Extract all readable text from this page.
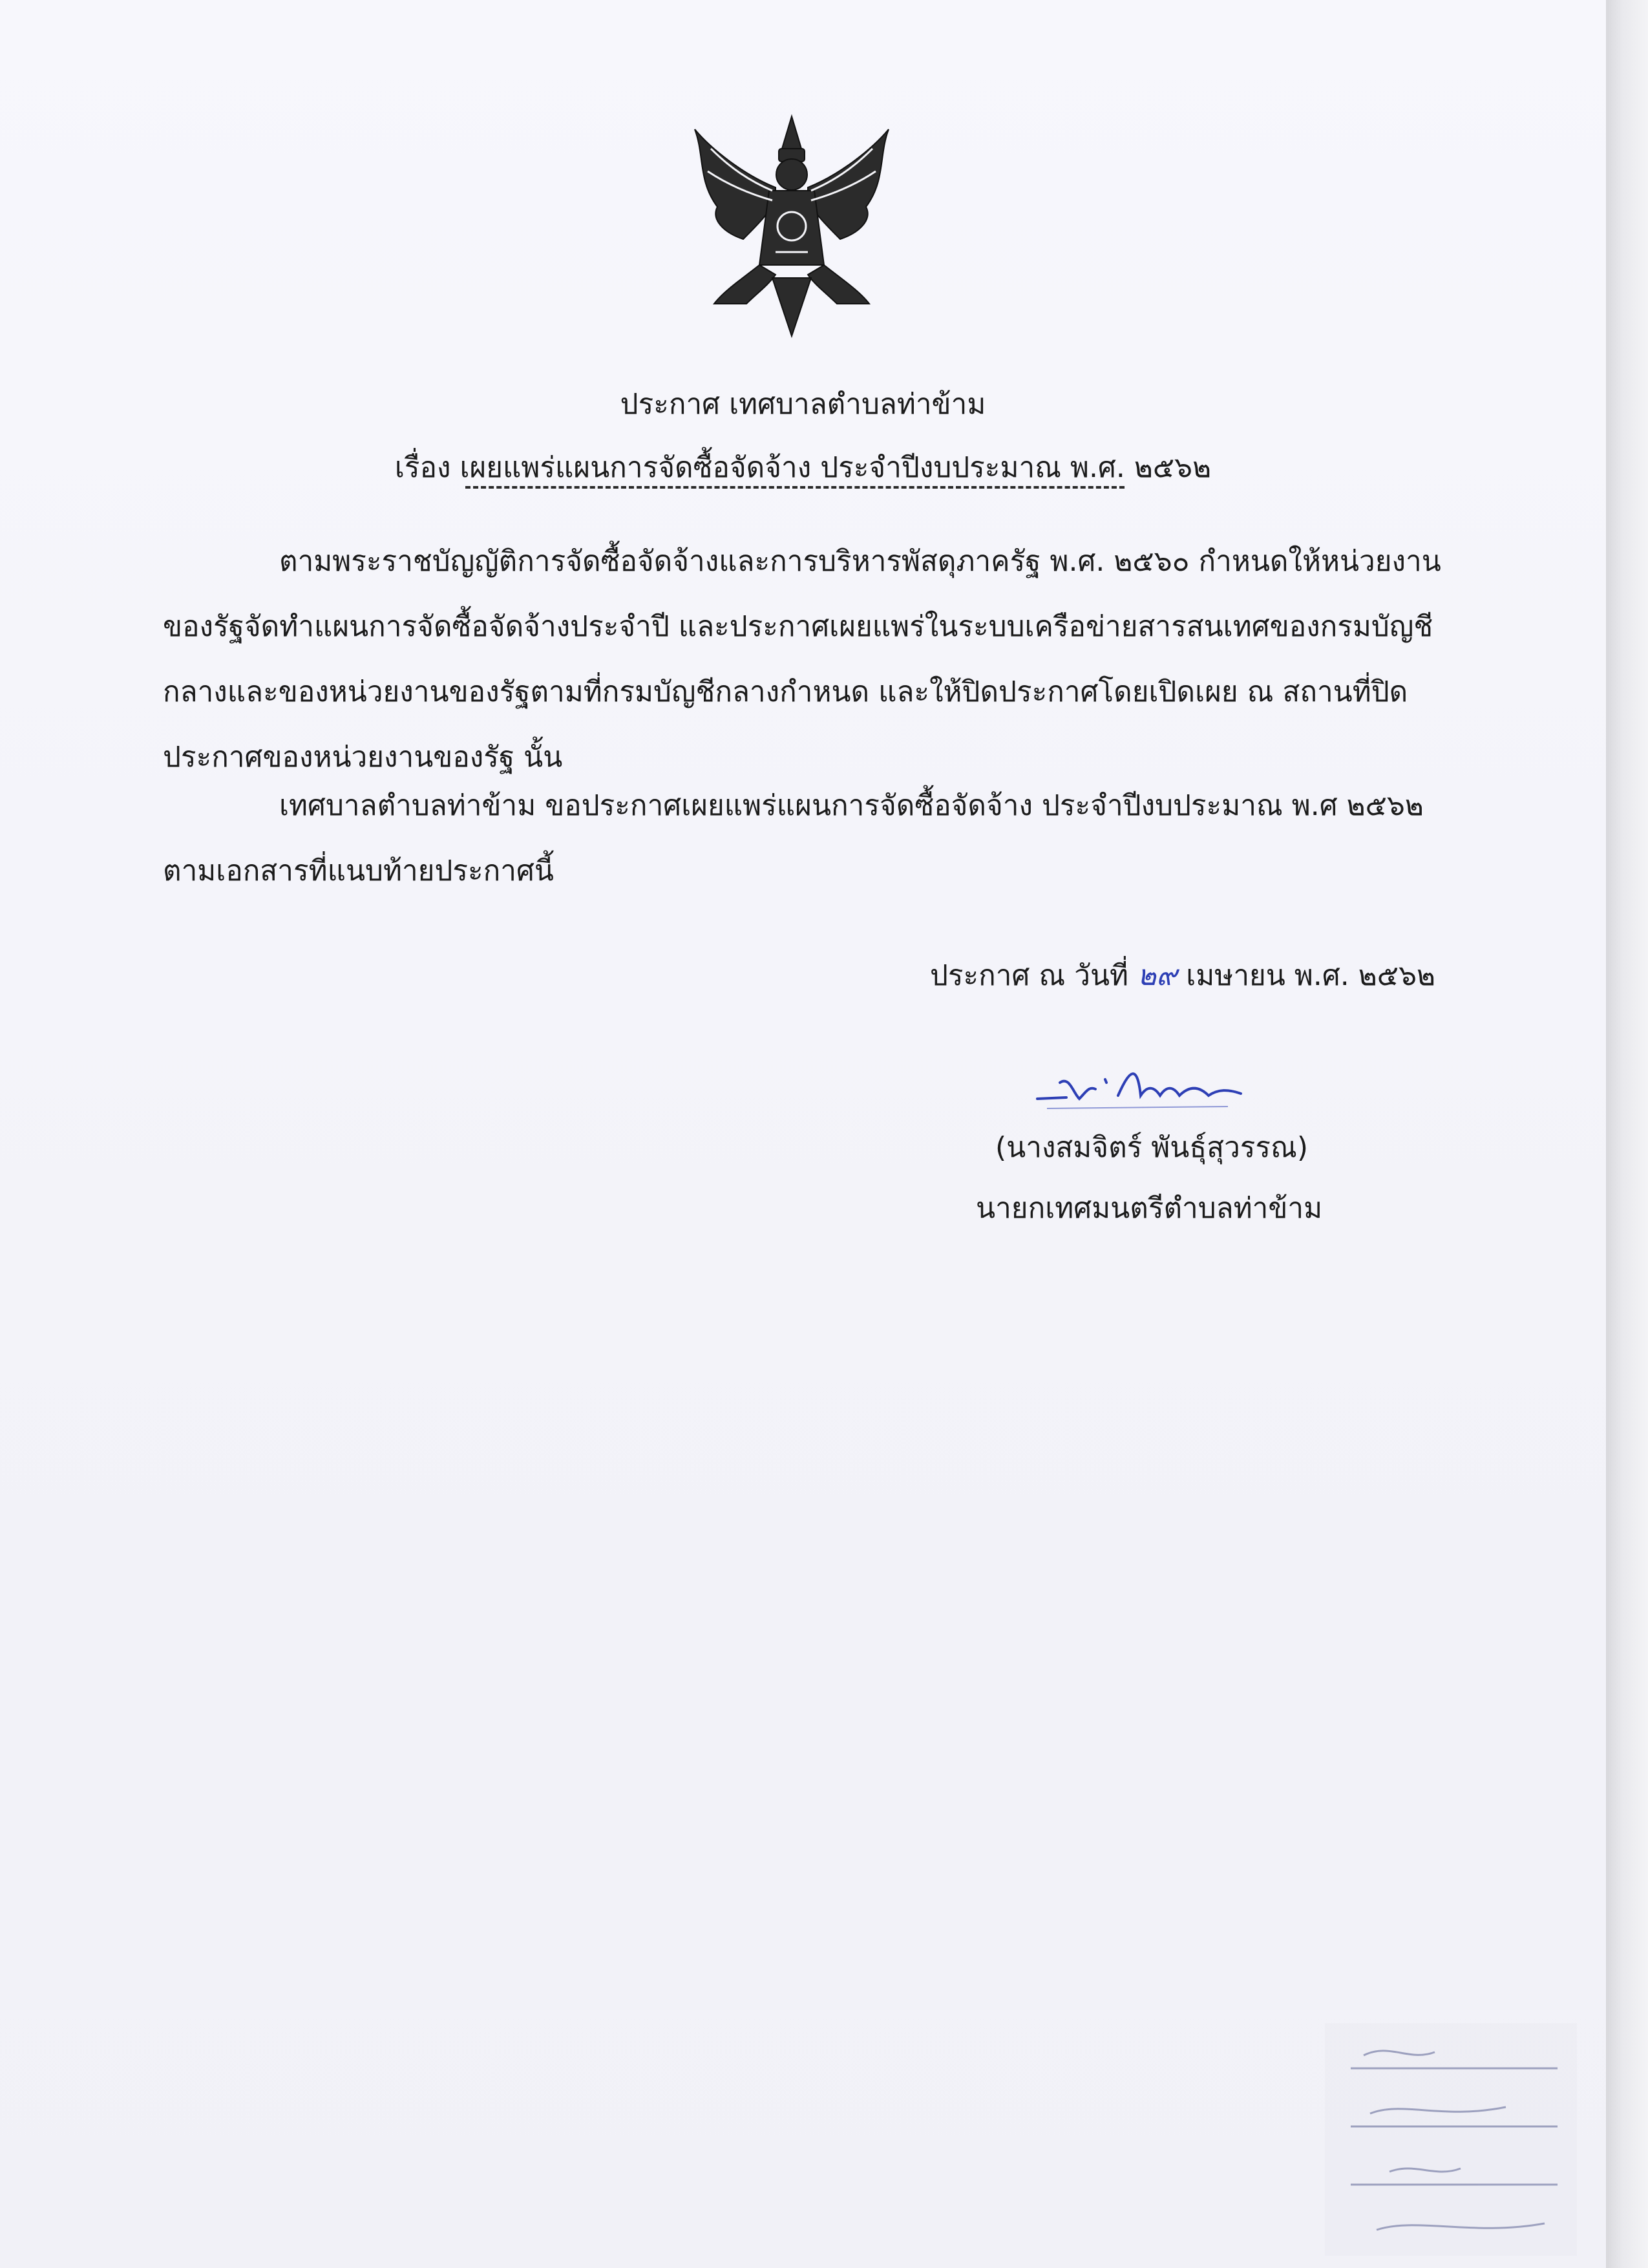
ประกาศ เทศบาลตำบลท่าข้าม
เรื่อง เผยแพร่แผนการจัดซื้อจัดจ้าง ประจำปีงบประมาณ พ.ศ. ๒๕๖๒
ตามพระราชบัญญัติการจัดซื้อจัดจ้างและการบริหารพัสดุภาครัฐ พ.ศ. ๒๕๖๐ กำหนดให้หน่วยงานของรัฐจัดทำแผนการจัดซื้อจัดจ้างประจำปี และประกาศเผยแพร่ในระบบเครือข่ายสารสนเทศของกรมบัญชีกลางและของหน่วยงานของรัฐตามที่กรมบัญชีกลางกำหนด และให้ปิดประกาศโดยเปิดเผย ณ สถานที่ปิดประกาศของหน่วยงานของรัฐ นั้น
เทศบาลตำบลท่าข้าม ขอประกาศเผยแพร่แผนการจัดซื้อจัดจ้าง ประจำปีงบประมาณ พ.ศ ๒๕๖๒ ตามเอกสารที่แนบท้ายประกาศนี้
ประกาศ ณ วันที่ ๒๙ เมษายน พ.ศ. ๒๕๖๒
(นางสมจิตร์ พันธุ์สุวรรณ)
นายกเทศมนตรีตำบลท่าข้าม
